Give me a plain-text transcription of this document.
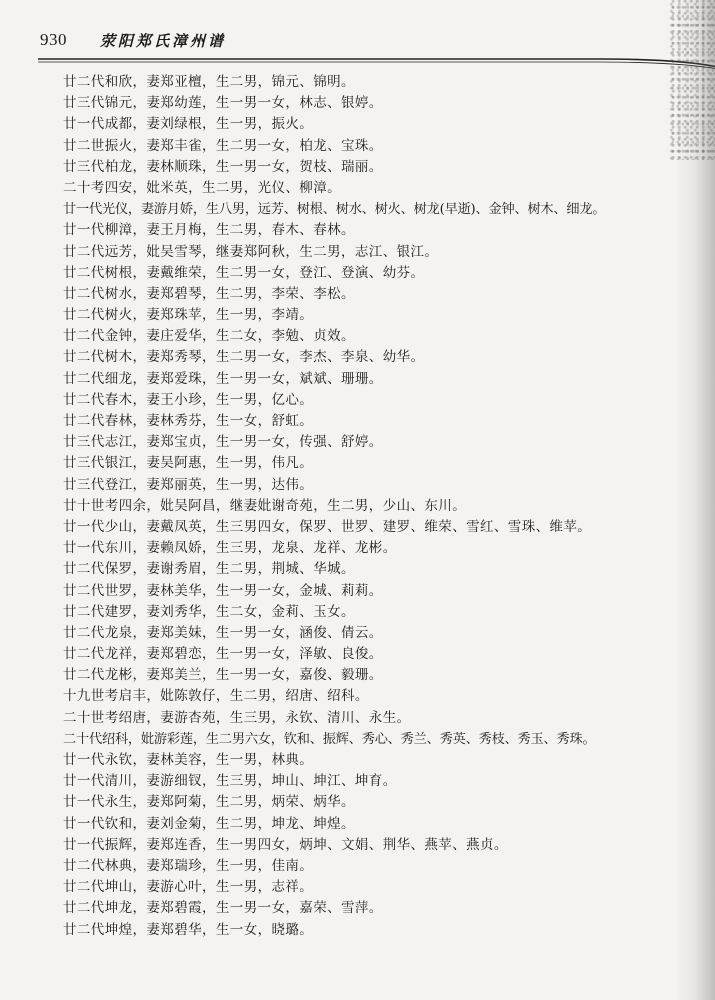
930 荥阳郑氏漳州谱
廿二代和欣，妻郑亚檀，生二男，锦元、锦明。
廿三代锦元，妻郑幼莲，生一男一女，林志、银婷。
廿一代成都，妻刘绿根，生一男，振火。
廿二世振火，妻郑丰雀，生二男一女，柏龙、宝珠。
廿三代柏龙，妻林顺珠，生一男一女，贺枝、瑞丽。
二十考四安，妣米英，生二男，光仪、柳漳。
廿一代光仪，妻游月娇，生八男，远芳、树根、树水、树火、树龙(早逝)、金钟、树木、细龙。
廿一代柳漳，妻王月梅，生二男，春木、春林。
廿二代远芳，妣吴雪琴，继妻郑阿秋，生二男，志江、银江。
廿二代树根，妻戴维荣，生二男一女，登江、登演、幼芬。
廿二代树水，妻郑碧琴，生二男，李荣、李松。
廿二代树火，妻郑珠苹，生一男，李靖。
廿二代金钟，妻庄爱华，生二女，李勉、贞效。
廿二代树木，妻郑秀琴，生二男一女，李杰、李泉、幼华。
廿二代细龙，妻郑爱珠，生一男一女，斌斌、珊珊。
廿二代春木，妻王小珍，生一男，亿心。
廿二代春林，妻林秀芬，生一女，舒虹。
廿三代志江，妻郑宝贞，生一男一女，传强、舒婷。
廿三代银江，妻吴阿惠，生一男，伟凡。
廿三代登江，妻郑丽英，生一男，达伟。
廿十世考四余，妣吴阿昌，继妻妣谢奇苑，生二男，少山、东川。
廿一代少山，妻戴凤英，生三男四女，保罗、世罗、建罗、维荣、雪红、雪珠、维苹。
廿一代东川，妻赖凤娇，生三男，龙泉、龙祥、龙彬。
廿二代保罗，妻谢秀眉，生二男，荆城、华城。
廿二代世罗，妻林美华，生一男一女，金城、莉莉。
廿二代建罗，妻刘秀华，生二女，金莉、玉女。
廿二代龙泉，妻郑美妹，生一男一女，涵俊、倩云。
廿二代龙祥，妻郑碧恋，生一男一女，泽敏、良俊。
廿二代龙彬，妻郑美兰，生一男一女，嘉俊、毅珊。
十九世考启丰，妣陈敦仔，生二男，绍唐、绍科。
二十世考绍唐，妻游杏苑，生三男，永钦、清川、永生。
二十代绍科，妣游彩莲，生二男六女，钦和、振辉、秀心、秀兰、秀英、秀枝、秀玉、秀珠。
廿一代永钦，妻林美容，生一男，林典。
廿一代清川，妻游细钗，生三男，坤山、坤江、坤育。
廿一代永生，妻郑阿菊，生二男，炳荣、炳华。
廿一代钦和，妻刘金菊，生二男，坤龙、坤煌。
廿一代振辉，妻郑连香，生一男四女，炳坤、文娟、荆华、燕苹、燕贞。
廿二代林典，妻郑瑞珍，生一男，佳南。
廿二代坤山，妻游心叶，生一男，志祥。
廿二代坤龙，妻郑碧霞，生一男一女，嘉荣、雪萍。
廿二代坤煌，妻郑碧华，生一女，晓璐。
